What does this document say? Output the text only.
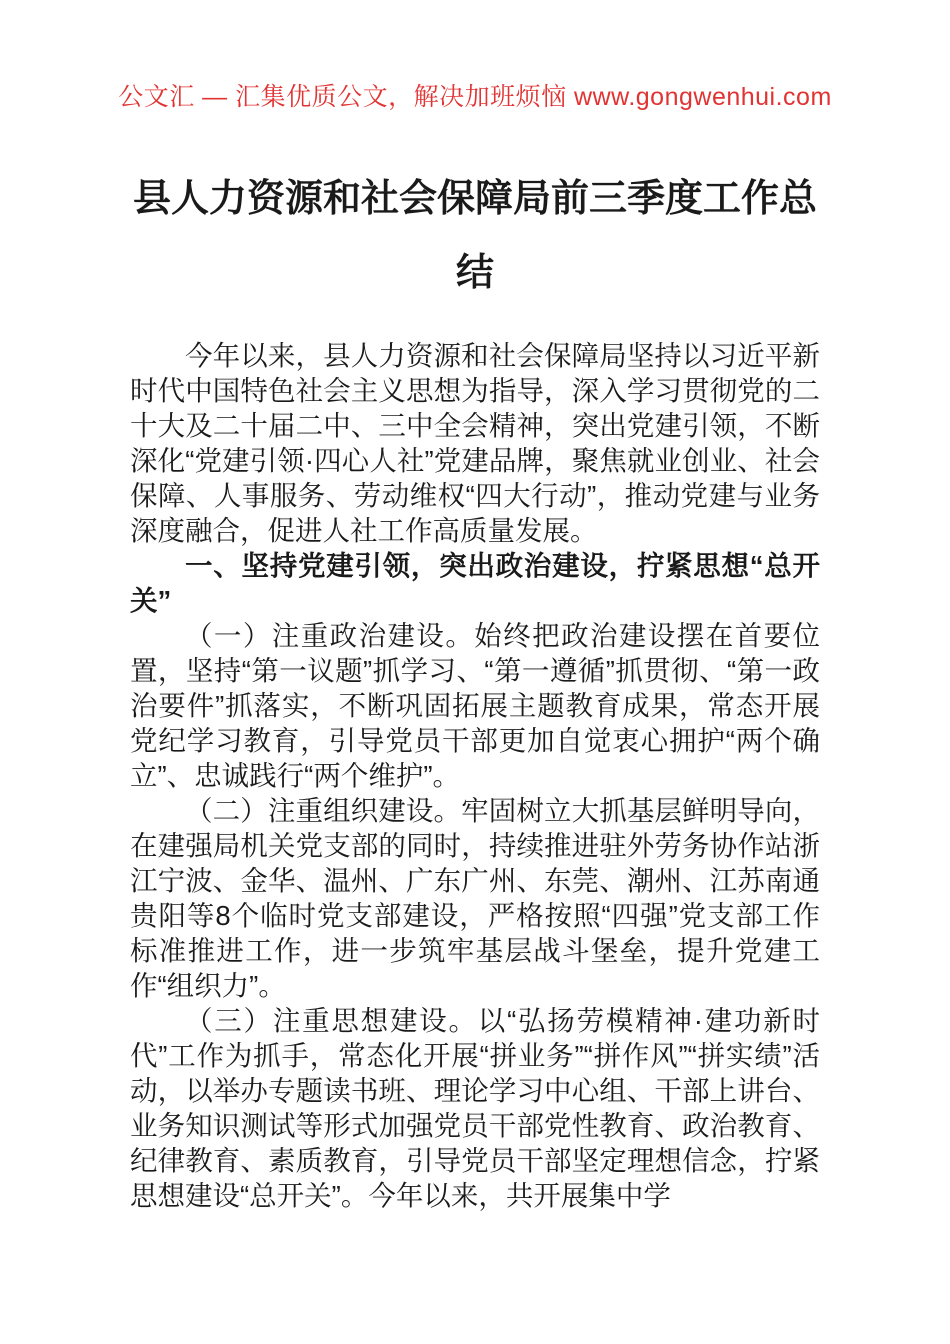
公文汇 — 汇集优质公文，解决加班烦恼 www.gongwenhui.com
县人力资源和社会保障局前三季度工作总结

今年以来，县人力资源和社会保障局坚持以习近平新时代中国特色社会主义思想为指导，深入学习贯彻党的二十大及二十届二中、三中全会精神，突出党建引领，不断深化“党建引领·四心人社”党建品牌，聚焦就业创业、社会保障、人事服务、劳动维权“四大行动”，推动党建与业务深度融合，促进人社工作高质量发展。

一、坚持党建引领，突出政治建设，拧紧思想“总开关”

（一）注重政治建设。始终把政治建设摆在首要位置，坚持“第一议题”抓学习、“第一遵循”抓贯彻、“第一政治要件”抓落实，不断巩固拓展主题教育成果，常态开展党纪学习教育，引导党员干部更加自觉衷心拥护“两个确立”、忠诚践行“两个维护”。

（二）注重组织建设。牢固树立大抓基层鲜明导向，在建强局机关党支部的同时，持续推进驻外劳务协作站浙江宁波、金华、温州、广东广州、东莞、潮州、江苏南通贵阳等8个临时党支部建设，严格按照“四强”党支部工作标准推进工作，进一步筑牢基层战斗堡垒，提升党建工作“组织力”。

（三）注重思想建设。以“弘扬劳模精神·建功新时代”工作为抓手，常态化开展“拼业务”“拼作风”“拼实绩”活动，以举办专题读书班、理论学习中心组、干部上讲台、业务知识测试等形式加强党员干部党性教育、政治教育、纪律教育、素质教育，引导党员干部坚定理想信念，拧紧思想建设“总开关”。今年以来，共开展集中学
